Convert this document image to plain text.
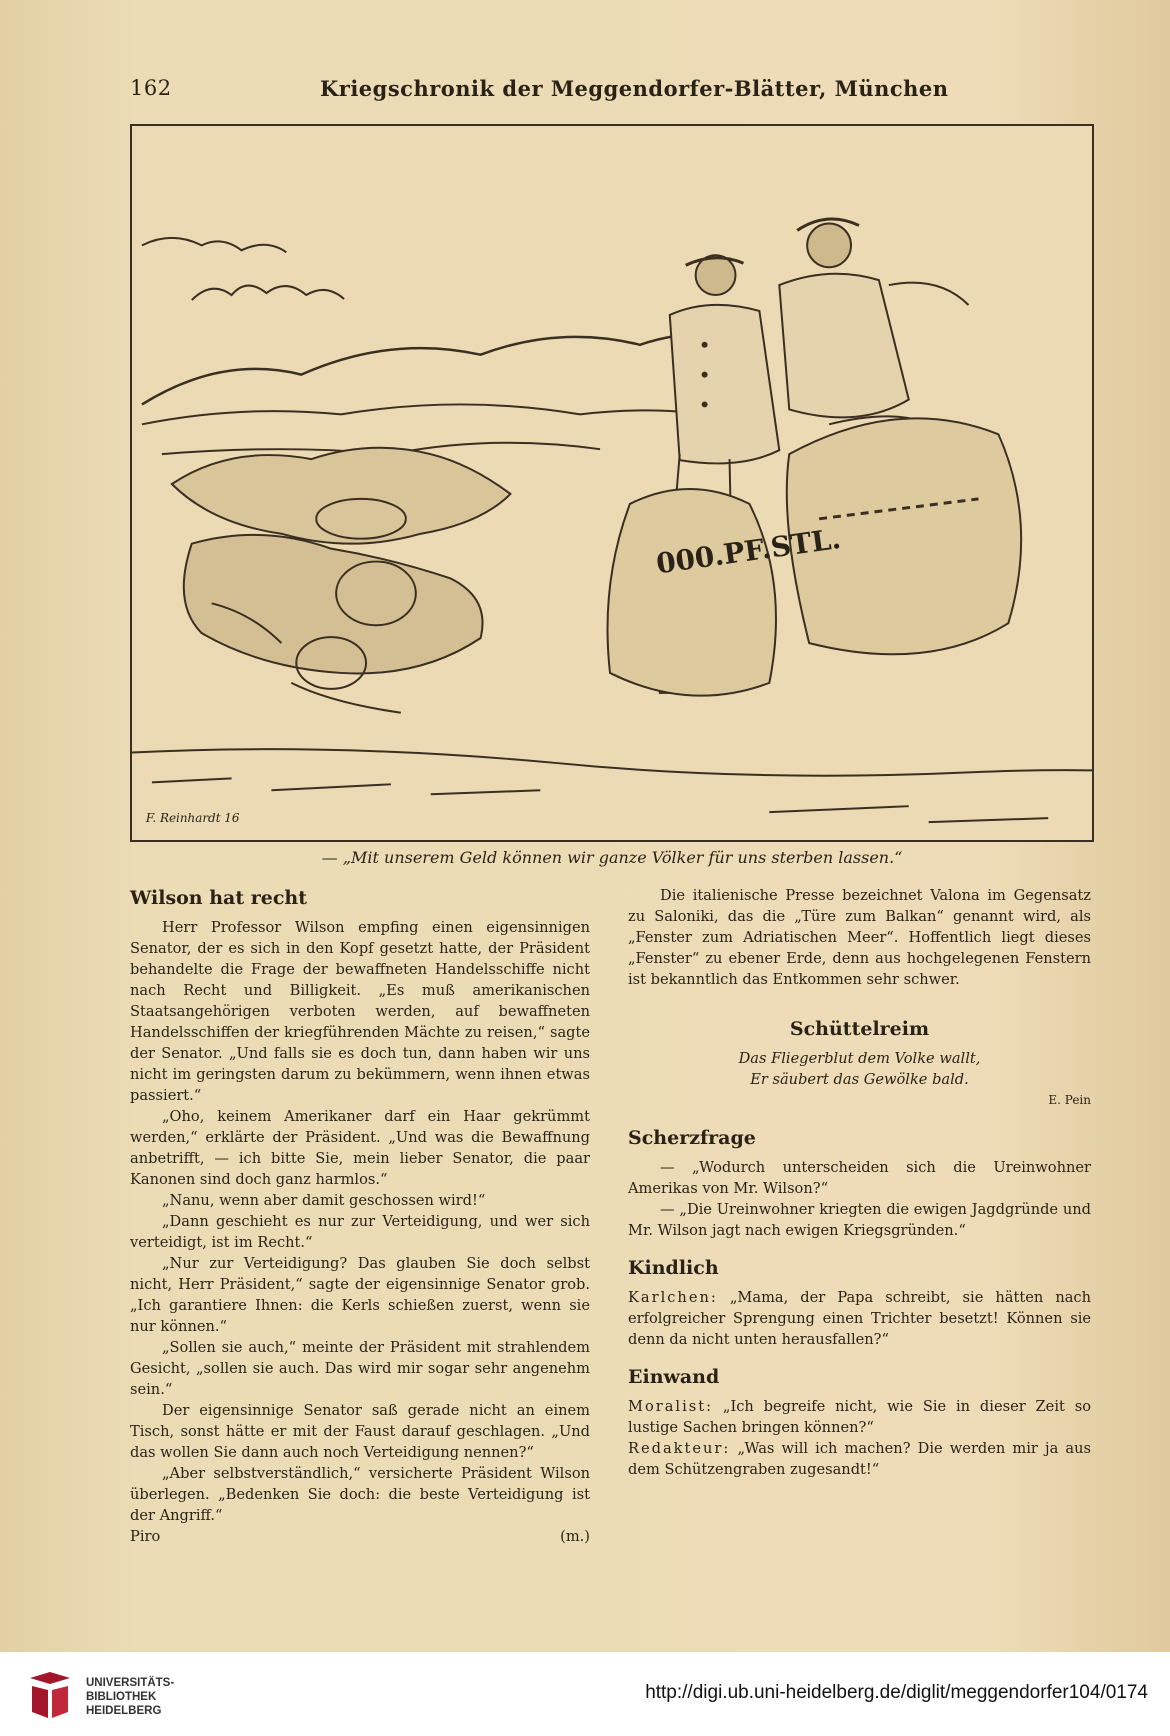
162	Kriegschronik der Meggendorfer-Blätter, München
000.PF.STL.
F. Reinhardt 16
— „Mit unserem Geld können wir ganze Völker für uns sterben lassen.“
Wilson hat recht

Herr Professor Wilson empfing einen eigensinnigen Senator, der es sich in den Kopf gesetzt hatte, der Präsident behandelte die Frage der bewaffneten Handelsschiffe nicht nach Recht und Billigkeit. „Es muß amerikanischen Staatsangehörigen verboten werden, auf bewaffneten Handelsschiffen der kriegführenden Mächte zu reisen,“ sagte der Senator. „Und falls sie es doch tun, dann haben wir uns nicht im geringsten darum zu bekümmern, wenn ihnen etwas passiert.“

„Oho, keinem Amerikaner darf ein Haar gekrümmt werden,“ erklärte der Präsident. „Und was die Bewaffnung anbetrifft, — ich bitte Sie, mein lieber Senator, die paar Kanonen sind doch ganz harmlos.“

„Nanu, wenn aber damit geschossen wird!“

„Dann geschieht es nur zur Verteidigung, und wer sich verteidigt, ist im Recht.“

„Nur zur Verteidigung? Das glauben Sie doch selbst nicht, Herr Präsident,“ sagte der eigensinnige Senator grob. „Ich garantiere Ihnen: die Kerls schießen zuerst, wenn sie nur können.“

„Sollen sie auch,“ meinte der Präsident mit strahlendem Gesicht, „sollen sie auch. Das wird mir sogar sehr angenehm sein.“

Der eigensinnige Senator saß gerade nicht an einem Tisch, sonst hätte er mit der Faust darauf geschlagen. „Und das wollen Sie dann auch noch Verteidigung nennen?“

„Aber selbstverständlich,“ versicherte Präsident Wilson überlegen. „Bedenken Sie doch: die beste Verteidigung ist der Angriff.“

Piro	(m.)

Die italienische Presse bezeichnet Valona im Gegensatz zu Saloniki, das die „Türe zum Balkan“ genannt wird, als „Fenster zum Adriatischen Meer“. Hoffentlich liegt dieses „Fenster“ zu ebener Erde, denn aus hochgelegenen Fenstern ist bekanntlich das Entkommen sehr schwer.

Schüttelreim
Das Fliegerblut dem Volke wallt,
Er säubert das Gewölke bald.
E. Pein
Scherzfrage

— „Wodurch unterscheiden sich die Ureinwohner Amerikas von Mr. Wilson?“

— „Die Ureinwohner kriegten die ewigen Jagdgründe und Mr. Wilson jagt nach ewigen Kriegsgründen.“

Kindlich

Karlchen: „Mama, der Papa schreibt, sie hätten nach erfolgreicher Sprengung einen Trichter besetzt! Können sie denn da nicht unten herausfallen?“

Einwand

Moralist: „Ich begreife nicht, wie Sie in dieser Zeit so lustige Sachen bringen können?“

Redakteur: „Was will ich machen? Die werden mir ja aus dem Schützengraben zugesandt!“

UNIVERSITÄTS-
BIBLIOTHEK
HEIDELBERG
http://digi.ub.uni-heidelberg.de/diglit/meggendorfer104/0174
